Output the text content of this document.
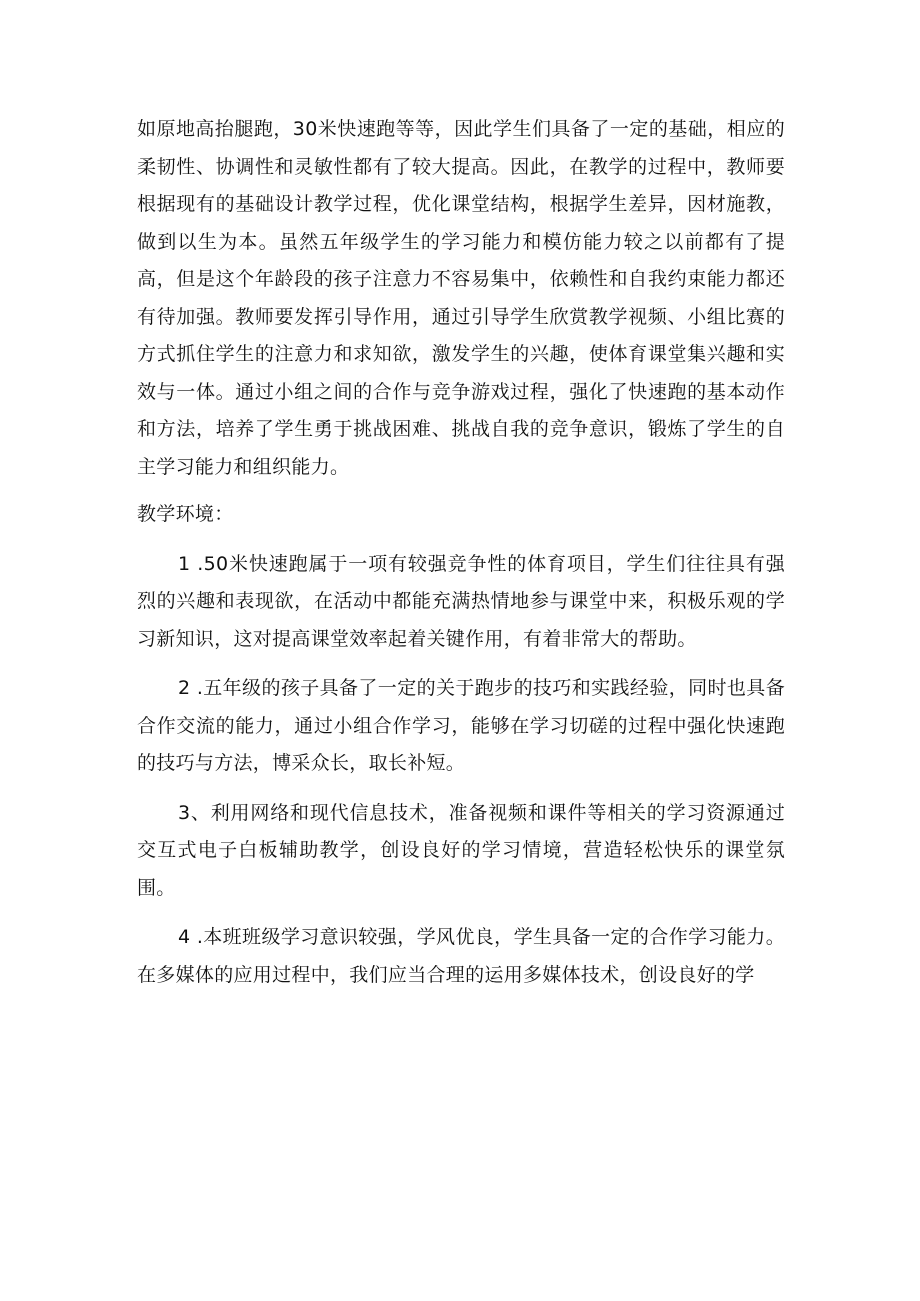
如原地高抬腿跑，30米快速跑等等，因此学生们具备了一定的基础，相应的柔韧性、协调性和灵敏性都有了较大提高。因此，在教学的过程中，教师要根据现有的基础设计教学过程，优化课堂结构，根据学生差异，因材施教，做到以生为本。虽然五年级学生的学习能力和模仿能力较之以前都有了提高，但是这个年龄段的孩子注意力不容易集中，依赖性和自我约束能力都还有待加强。教师要发挥引导作用，通过引导学生欣赏教学视频、小组比赛的方式抓住学生的注意力和求知欲，激发学生的兴趣，使体育课堂集兴趣和实效与一体。通过小组之间的合作与竞争游戏过程，强化了快速跑的基本动作和方法，培养了学生勇于挑战困难、挑战自我的竞争意识，锻炼了学生的自主学习能力和组织能力。

教学环境：

1 .50米快速跑属于一项有较强竞争性的体育项目，学生们往往具有强烈的兴趣和表现欲，在活动中都能充满热情地参与课堂中来，积极乐观的学习新知识，这对提高课堂效率起着关键作用，有着非常大的帮助。

2 .五年级的孩子具备了一定的关于跑步的技巧和实践经验，同时也具备合作交流的能力，通过小组合作学习，能够在学习切磋的过程中强化快速跑的技巧与方法，博采众长，取长补短。

3、利用网络和现代信息技术，准备视频和课件等相关的学习资源通过交互式电子白板辅助教学，创设良好的学习情境，营造轻松快乐的课堂氛围。

4 .本班班级学习意识较强，学风优良，学生具备一定的合作学习能力。在多媒体的应用过程中，我们应当合理的运用多媒体技术，创设良好的学
